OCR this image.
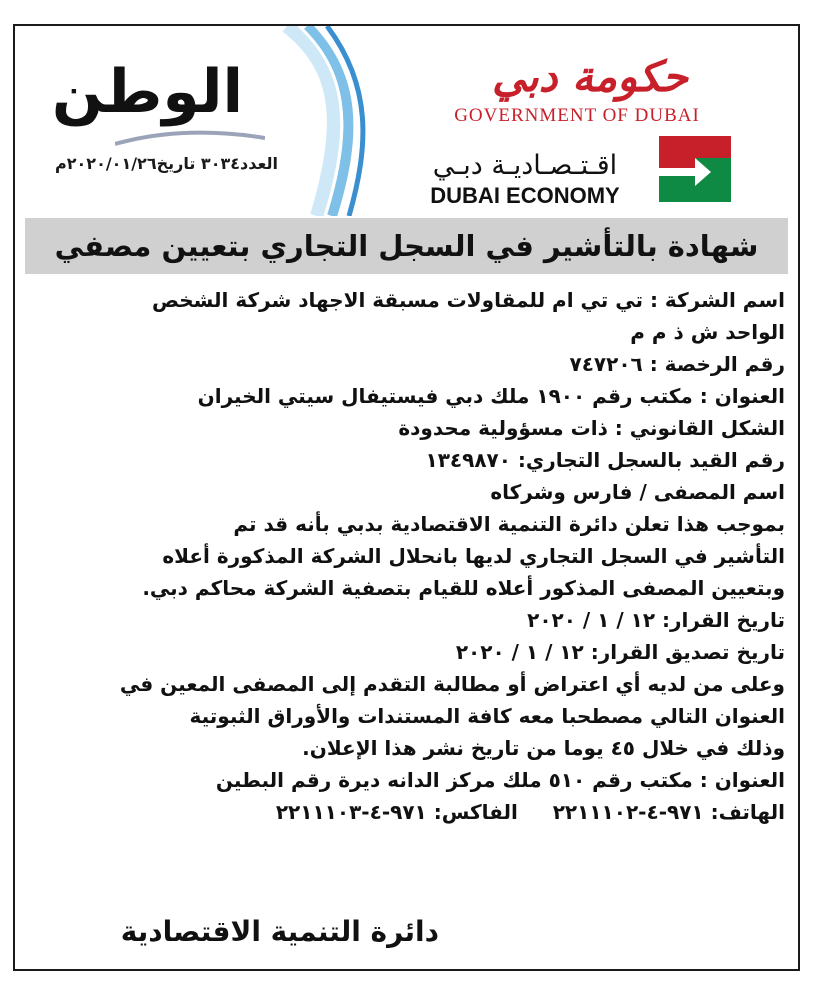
الوطن
العدد٣٠٣٤ تاريخ٢٠٢٠/٠١/٢٦م
حكومة دبي
GOVERNMENT OF DUBAI
اقـتـصـاديـة دبـي
DUBAI ECONOMY
شهادة بالتأشير في السجل التجاري بتعيين مصفي
اسم الشركة : تي تي ام للمقاولات مسبقة الاجهاد شركة الشخص
الواحد ش ذ م م
رقم الرخصة : ٧٤٧٢٠٦
العنوان : مكتب رقم ١٩٠٠ ملك دبي فيستيفال سيتي الخيران
الشكل القانوني : ذات مسؤولية محدودة
رقم القيد بالسجل التجاري: ١٣٤٩٨٧٠
اسم المصفى / فارس وشركاه
بموجب هذا تعلن دائرة التنمية الاقتصادية بدبي بأنه قد تم
التأشير في السجل التجاري لديها بانحلال الشركة المذكورة أعلاه
وبتعيين المصفى المذكور أعلاه للقيام بتصفية الشركة محاكم دبي.
تاريخ القرار: ١٢ / ١ / ٢٠٢٠
تاريخ تصديق القرار: ١٢ / ١ / ٢٠٢٠
وعلى من لديه أي اعتراض أو مطالبة التقدم إلى المصفى المعين في
العنوان التالي مصطحبا معه كافة المستندات والأوراق الثبوتية
وذلك في خلال ٤٥ يوما من تاريخ نشر هذا الإعلان.
العنوان : مكتب رقم ٥١٠ ملك مركز الدانه ديرة رقم البطين
الهاتف: ٩٧١-٤-٢٢١١١٠٢     الفاكس: ٩٧١-٤-٢٢١١١٠٣
دائرة التنمية الاقتصادية
